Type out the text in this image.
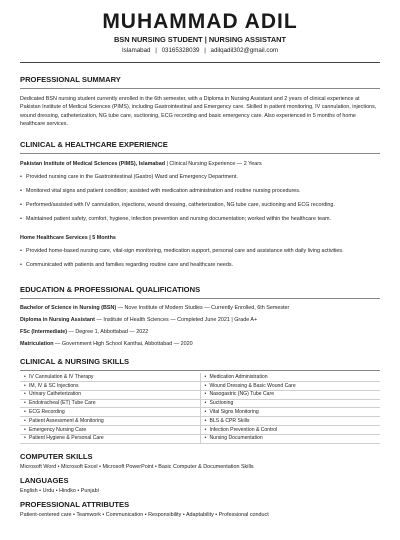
MUHAMMAD ADIL
BSN NURSING STUDENT | NURSING ASSISTANT
Islamabad | 03165328039 | adilqadil302@gmail.com
PROFESSIONAL SUMMARY
Dedicated BSN nursing student currently enrolled in the 6th semester, with a Diploma in Nursing Assistant and 2 years of clinical experience at Pakistan Institute of Medical Sciences (PIMS), including Gastrointestinal and Emergency care. Skilled in patient monitoring, IV cannulation, injections, wound dressing, catheterization, NG tube care, suctioning, ECG recording and basic emergency care. Also experienced in 5 months of home healthcare services.
CLINICAL & HEALTHCARE EXPERIENCE
Pakistan Institute of Medical Sciences (PIMS), Islamabad | Clinical Nursing Experience — 2 Years
• Provided nursing care in the Gastrointestinal (Gastro) Ward and Emergency Department.
• Monitored vital signs and patient condition; assisted with medication administration and routine nursing procedures.
• Performed/assisted with IV cannulation, injections, wound dressing, catheterization, NG tube care, suctioning and ECG recording.
• Maintained patient safety, comfort, hygiene, infection prevention and nursing documentation; worked within the healthcare team.
Home Healthcare Services | 5 Months
• Provided home-based nursing care, vital-sign monitoring, medication support, personal care and assistance with daily living activities.
• Communicated with patients and families regarding routine care and healthcare needs.
EDUCATION & PROFESSIONAL QUALIFICATIONS
Bachelor of Science in Nursing (BSN) — Nove Institute of Modern Studies — Currently Enrolled, 6th Semester
Diploma in Nursing Assistant — Institute of Health Sciences — Completed June 2021 | Grade A+
FSc (Intermediate) — Degree 1, Abbottabad — 2022
Matriculation — Government High School Kanthai, Abbottabad — 2020
CLINICAL & NURSING SKILLS
• IV Cannulation & IV Therapy	• Medication Administration
• IM, IV & SC Injections	• Wound Dressing & Basic Wound Care
• Urinary Catheterization	• Nasogastric (NG) Tube Care
• Endotracheal (ET) Tube Care	• Suctioning
• ECG Recording	• Vital Signs Monitoring
• Patient Assessment & Monitoring	• BLS & CPR Skills
• Emergency Nursing Care	• Infection Prevention & Control
• Patient Hygiene & Personal Care	• Nursing Documentation
COMPUTER SKILLS
Microsoft Word • Microsoft Excel • Microsoft PowerPoint • Basic Computer & Documentation Skills
LANGUAGES
English • Urdu • Hindko • Punjabi
PROFESSIONAL ATTRIBUTES
Patient-centered care • Teamwork • Communication • Responsibility • Adaptability • Professional conduct
